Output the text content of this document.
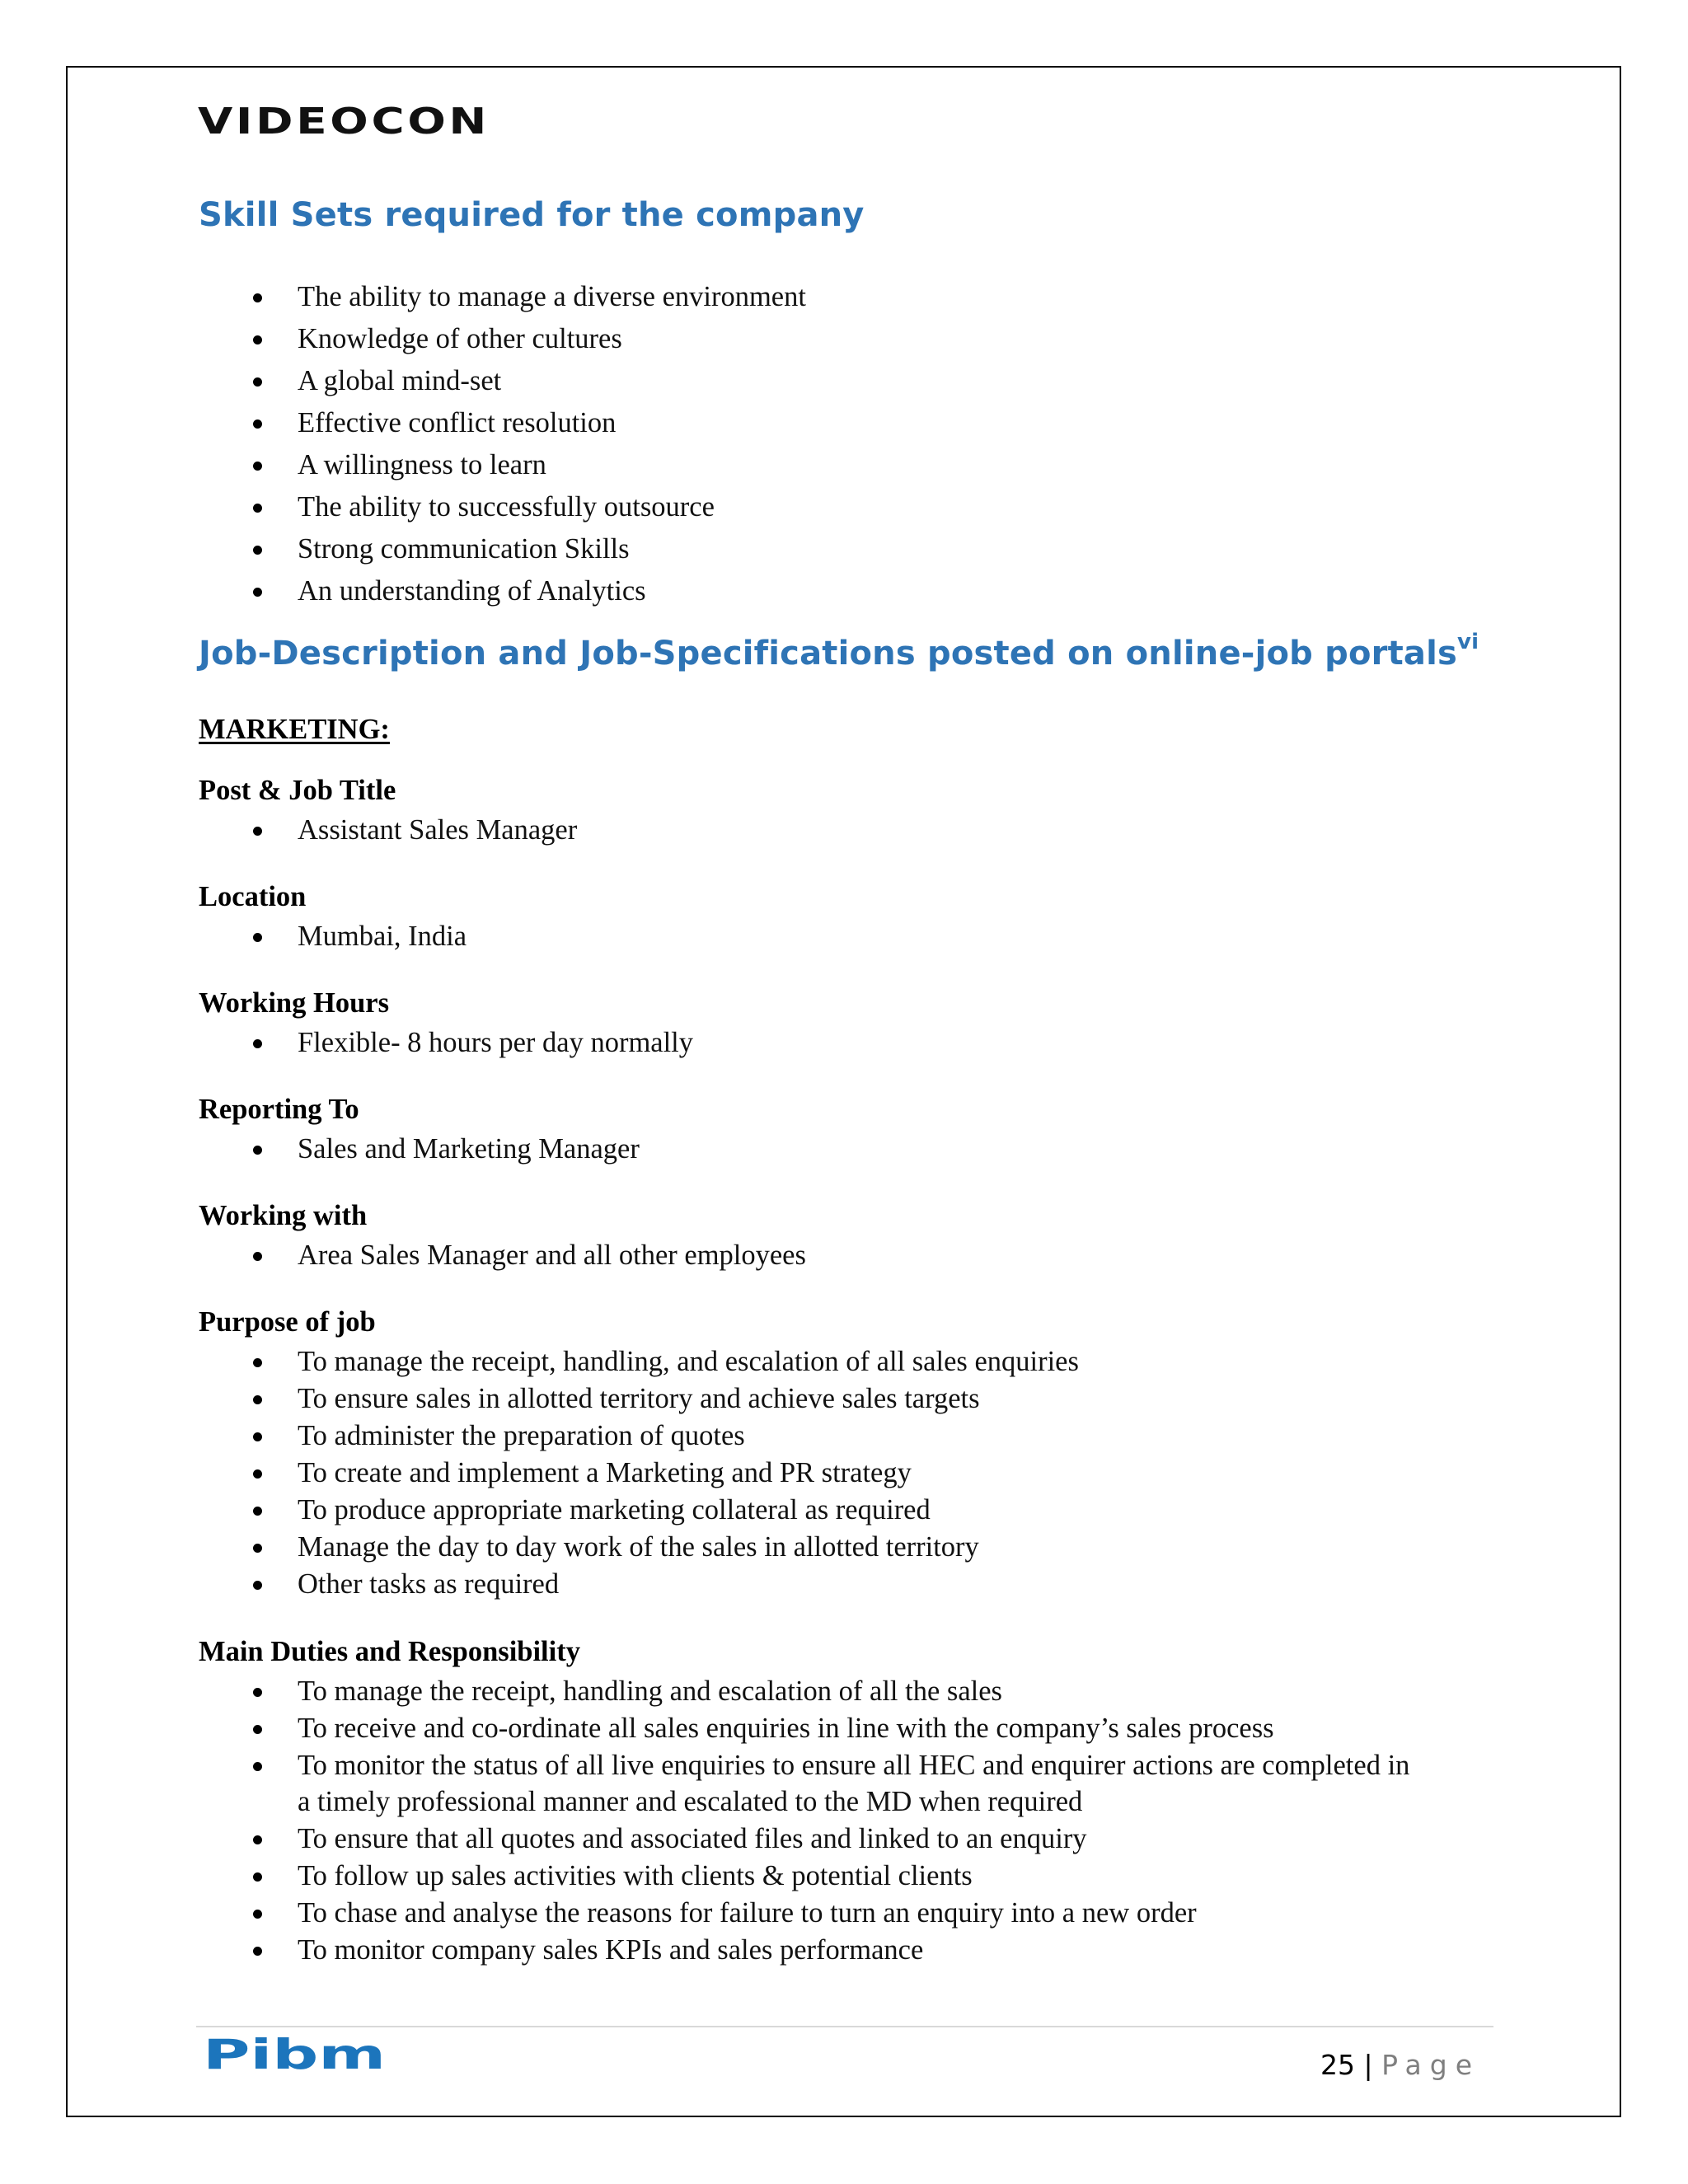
VIDEOCON
Skill Sets required for the company
The ability to manage a diverse environment
Knowledge of other cultures
A global mind-set
Effective conflict resolution
A willingness to learn
The ability to successfully outsource
Strong communication Skills
An understanding of Analytics
Job-Description and Job-Specifications posted on online-job portals$^{vi}$
MARKETING:
Post & Job Title
Assistant Sales Manager
Location
Mumbai, India
Working Hours
Flexible- 8 hours per day normally
Reporting To
Sales and Marketing Manager
Working with
Area Sales Manager and all other employees
Purpose of job
To manage the receipt, handling, and escalation of all sales enquiries
To ensure sales in allotted territory and achieve sales targets
To administer the preparation of quotes
To create and implement a Marketing and PR strategy
To produce appropriate marketing collateral as required
Manage the day to day work of the sales in allotted territory
Other tasks as required
Main Duties and Responsibility
To manage the receipt, handling and escalation of all the sales
To receive and co-ordinate all sales enquiries in line with the company’s sales process
To monitor the status of all live enquiries to ensure all HEC and enquirer actions are completed in
a timely professional manner and escalated to the MD when required
To ensure that all quotes and associated files and linked to an enquiry
To follow up sales activities with clients & potential clients
To chase and analyse the reasons for failure to turn an enquiry into a new order
To monitor company sales KPIs and sales performance
Pibm	25 | Page
